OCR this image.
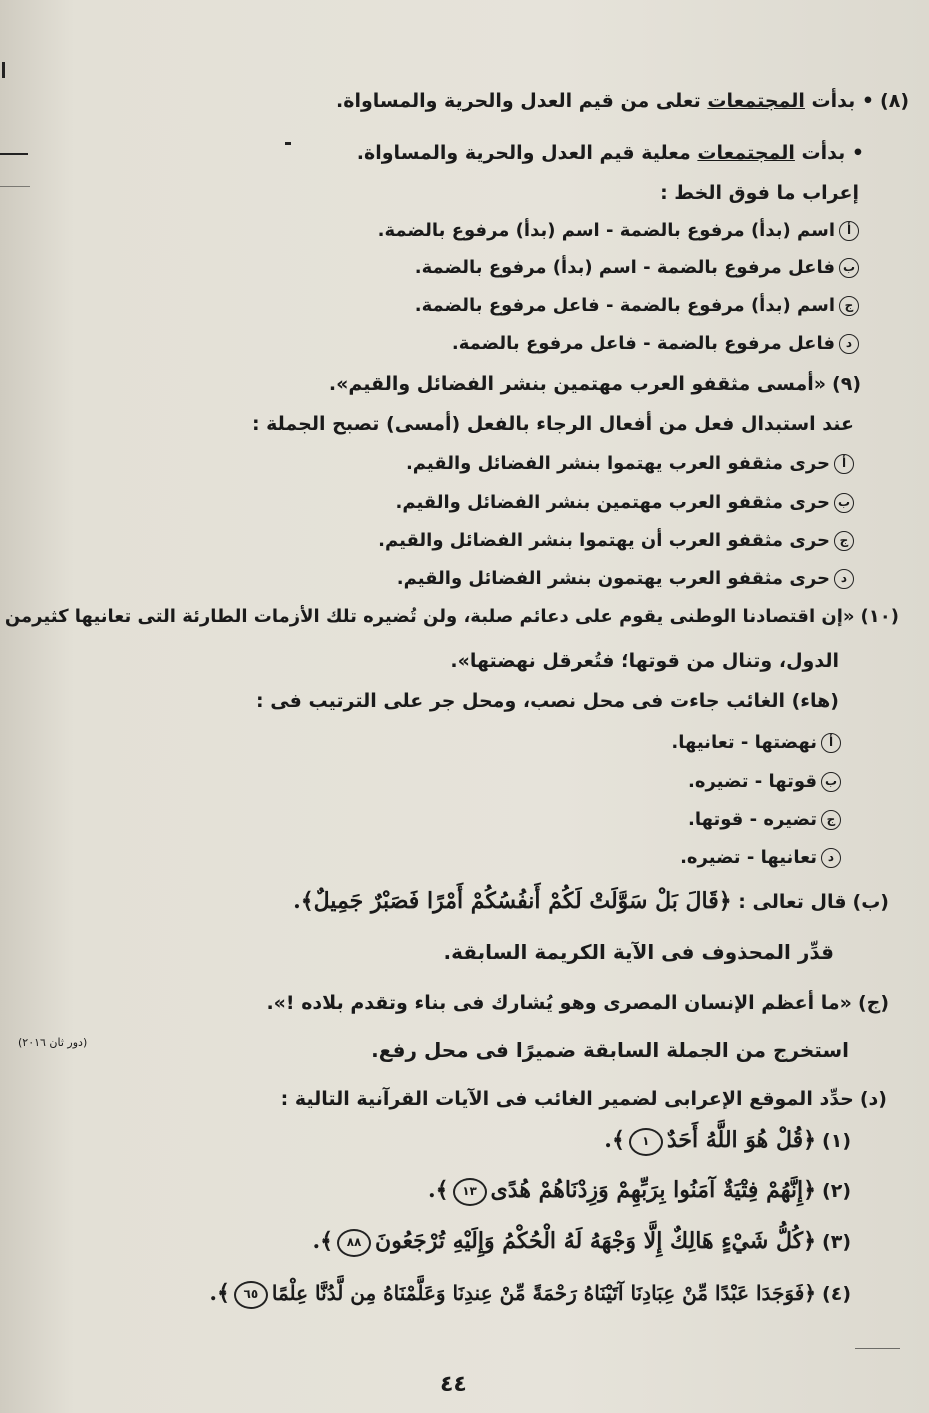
(٨)• بدأت المجتمعات تعلى من قيم العدل والحرية والمساواة.
• بدأت المجتمعات معلية قيم العدل والحرية والمساواة.
إعراب ما فوق الخط :
أاسم (بدأ) مرفوع بالضمة - اسم (بدأ) مرفوع بالضمة.
بفاعل مرفوع بالضمة - اسم (بدأ) مرفوع بالضمة.
جاسم (بدأ) مرفوع بالضمة - فاعل مرفوع بالضمة.
دفاعل مرفوع بالضمة - فاعل مرفوع بالضمة.
(٩)«أمسى مثقفو العرب مهتمين بنشر الفضائل والقيم».
عند استبدال فعل من أفعال الرجاء بالفعل (أمسى) تصبح الجملة :
أحرى مثقفو العرب يهتموا بنشر الفضائل والقيم.
بحرى مثقفو العرب مهتمين بنشر الفضائل والقيم.
جحرى مثقفو العرب أن يهتموا بنشر الفضائل والقيم.
دحرى مثقفو العرب يهتمون بنشر الفضائل والقيم.
(١٠)«إن اقتصادنا الوطنى يقوم على دعائم صلبة، ولن تُضيره تلك الأزمات الطارئة التى تعانيها كثيرمن
الدول، وتنال من قوتها؛ فتُعرقل نهضتها».
(هاء) الغائب جاءت فى محل نصب، ومحل جر على الترتيب فى :
أنهضتها - تعانيها.
بقوتها - تضيره.
جتضيره - قوتها.
دتعانيها - تضيره.
(ب)قال تعالى : ﴿قَالَ بَلْ سَوَّلَتْ لَكُمْ أَنفُسُكُمْ أَمْرًا فَصَبْرٌ جَمِيلٌ﴾.
قدِّر المحذوف فى الآية الكريمة السابقة.
(ج)«ما أعظم الإنسان المصرى وهو يُشارك فى بناء وتقدم بلاده !».
(دور ثان ٢٠١٦)	استخرج من الجملة السابقة ضميرًا فى محل رفع.
(د)حدِّد الموقع الإعرابى لضمير الغائب فى الآيات القرآنية التالية :
(١)﴿قُلْ هُوَ اللَّهُ أَحَدٌ١﴾.
(٢)﴿إِنَّهُمْ فِتْيَةٌ آمَنُوا بِرَبِّهِمْ وَزِدْنَاهُمْ هُدًى١٣﴾.
(٣)﴿كُلُّ شَيْءٍ هَالِكٌ إِلَّا وَجْهَهُ لَهُ الْحُكْمُ وَإِلَيْهِ تُرْجَعُونَ٨٨﴾.
(٤)﴿فَوَجَدَا عَبْدًا مِّنْ عِبَادِنَا آتَيْنَاهُ رَحْمَةً مِّنْ عِندِنَا وَعَلَّمْنَاهُ مِن لَّدُنَّا عِلْمًا٦٥﴾.
٤٤
